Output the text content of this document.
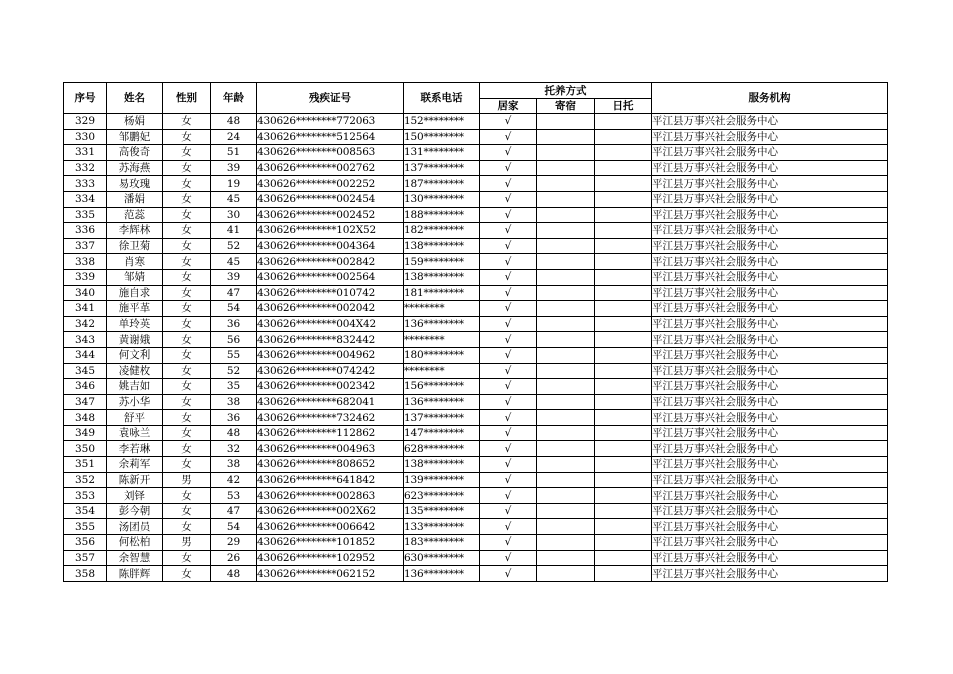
序号	姓名	性别	年龄	残疾证号	联系电话	托养方式			服务机构
						居家	寄宿	日托	
329	杨娟	女	48	430626********772063	152********	√			平江县万事兴社会服务中心
330	邹鹏妃	女	24	430626********512564	150********	√			平江县万事兴社会服务中心
331	高俊奇	女	51	430626********008563	131********	√			平江县万事兴社会服务中心
332	苏海燕	女	39	430626********002762	137********	√			平江县万事兴社会服务中心
333	易玫瑰	女	19	430626********002252	187********	√			平江县万事兴社会服务中心
334	潘娟	女	45	430626********002454	130********	√			平江县万事兴社会服务中心
335	范蕊	女	30	430626********002452	188********	√			平江县万事兴社会服务中心
336	李辉林	女	41	430626********102X52	182********	√			平江县万事兴社会服务中心
337	徐卫菊	女	52	430626********004364	138********	√			平江县万事兴社会服务中心
338	肖寒	女	45	430626********002842	159********	√			平江县万事兴社会服务中心
339	邹婧	女	39	430626********002564	138********	√			平江县万事兴社会服务中心
340	施自求	女	47	430626********010742	181********	√			平江县万事兴社会服务中心
341	施平革	女	54	430626********002042	********	√			平江县万事兴社会服务中心
342	单玲英	女	36	430626********004X42	136********	√			平江县万事兴社会服务中心
343	黄谢娥	女	56	430626********832442	********	√			平江县万事兴社会服务中心
344	何文利	女	55	430626********004962	180********	√			平江县万事兴社会服务中心
345	凌健枚	女	52	430626********074242	********	√			平江县万事兴社会服务中心
346	姚吉如	女	35	430626********002342	156********	√			平江县万事兴社会服务中心
347	苏小华	女	38	430626********682041	136********	√			平江县万事兴社会服务中心
348	舒平	女	36	430626********732462	137********	√			平江县万事兴社会服务中心
349	袁咏兰	女	48	430626********112862	147********	√			平江县万事兴社会服务中心
350	李若琳	女	32	430626********004963	628********	√			平江县万事兴社会服务中心
351	余莉军	女	38	430626********808652	138********	√			平江县万事兴社会服务中心
352	陈新开	男	42	430626********641842	139********	√			平江县万事兴社会服务中心
353	刘铎	女	53	430626********002863	623********	√			平江县万事兴社会服务中心
354	彭今朝	女	47	430626********002X62	135********	√			平江县万事兴社会服务中心
355	汤团员	女	54	430626********006642	133********	√			平江县万事兴社会服务中心
356	何松柏	男	29	430626********101852	183********	√			平江县万事兴社会服务中心
357	余智慧	女	26	430626********102952	630********	√			平江县万事兴社会服务中心
358	陈胖辉	女	48	430626********062152	136********	√			平江县万事兴社会服务中心
